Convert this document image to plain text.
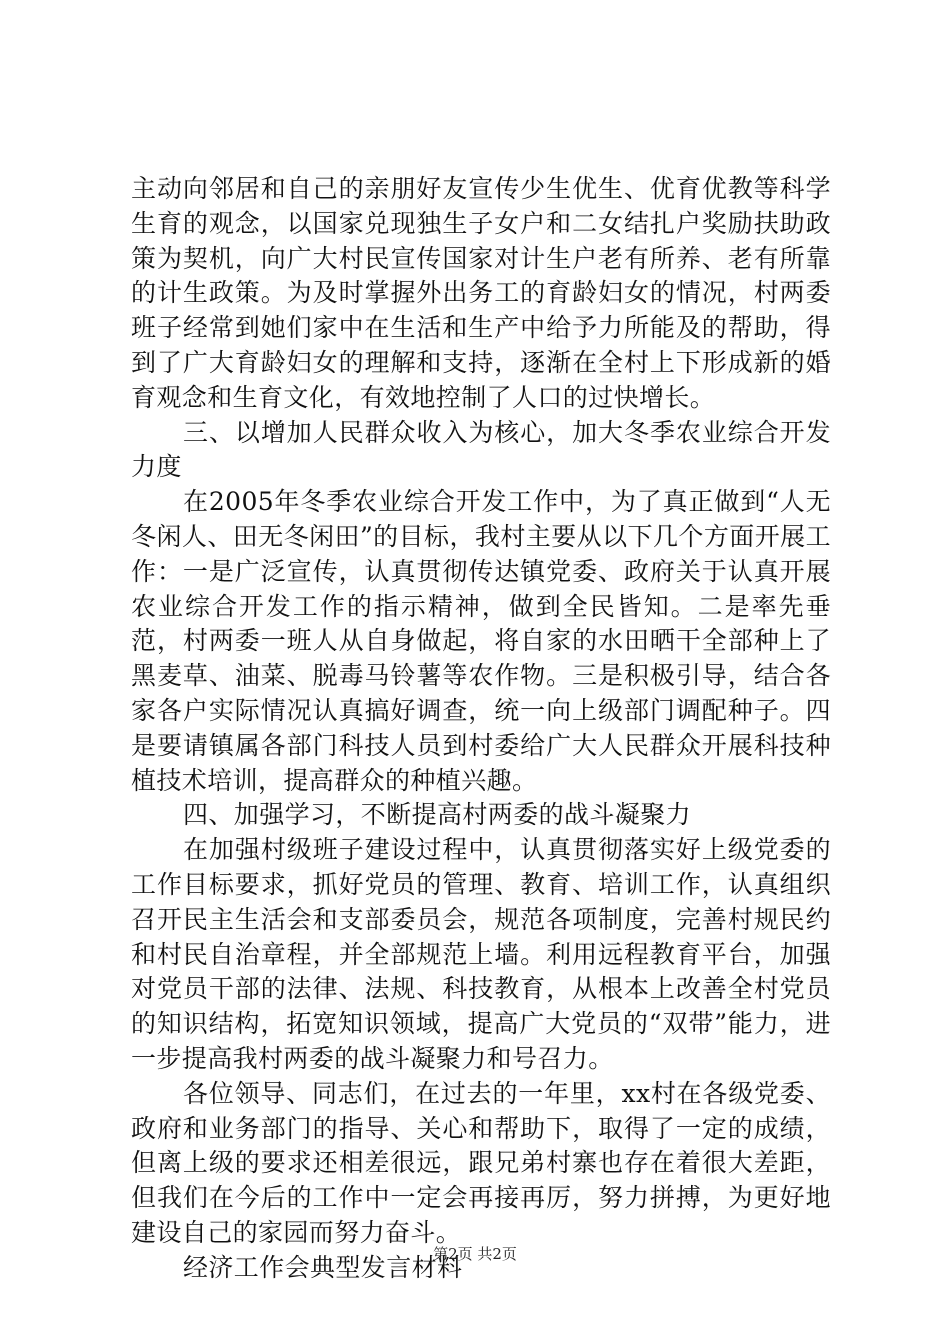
主动向邻居和自己的亲朋好友宣传少生优生、优育优教等科学生育的观念，以国家兑现独生子女户和二女结扎户奖励扶助政策为契机，向广大村民宣传国家对计生户老有所养、老有所靠的计生政策。为及时掌握外出务工的育龄妇女的情况，村两委班子经常到她们家中在生活和生产中给予力所能及的帮助，得到了广大育龄妇女的理解和支持，逐渐在全村上下形成新的婚育观念和生育文化，有效地控制了人口的过快增长。

三、以增加人民群众收入为核心，加大冬季农业综合开发力度

在2005年冬季农业综合开发工作中，为了真正做到“人无冬闲人、田无冬闲田”的目标，我村主要从以下几个方面开展工作：一是广泛宣传，认真贯彻传达镇党委、政府关于认真开展农业综合开发工作的指示精神，做到全民皆知。二是率先垂范，村两委一班人从自身做起，将自家的水田晒干全部种上了黑麦草、油菜、脱毒马铃薯等农作物。三是积极引导，结合各家各户实际情况认真搞好调查，统一向上级部门调配种子。四是要请镇属各部门科技人员到村委给广大人民群众开展科技种植技术培训，提高群众的种植兴趣。

四、加强学习，不断提高村两委的战斗凝聚力

在加强村级班子建设过程中，认真贯彻落实好上级党委的工作目标要求，抓好党员的管理、教育、培训工作，认真组织召开民主生活会和支部委员会，规范各项制度，完善村规民约和村民自治章程，并全部规范上墙。利用远程教育平台，加强对党员干部的法律、法规、科技教育，从根本上改善全村党员的知识结构，拓宽知识领域，提高广大党员的“双带”能力，进一步提高我村两委的战斗凝聚力和号召力。

各位领导、同志们，在过去的一年里，xx村在各级党委、政府和业务部门的指导、关心和帮助下，取得了一定的成绩，但离上级的要求还相差很远，跟兄弟村寨也存在着很大差距，但我们在今后的工作中一定会再接再厉，努力拼搏，为更好地建设自己的家园而努力奋斗。

经济工作会典型发言材料

第2页 共2页
